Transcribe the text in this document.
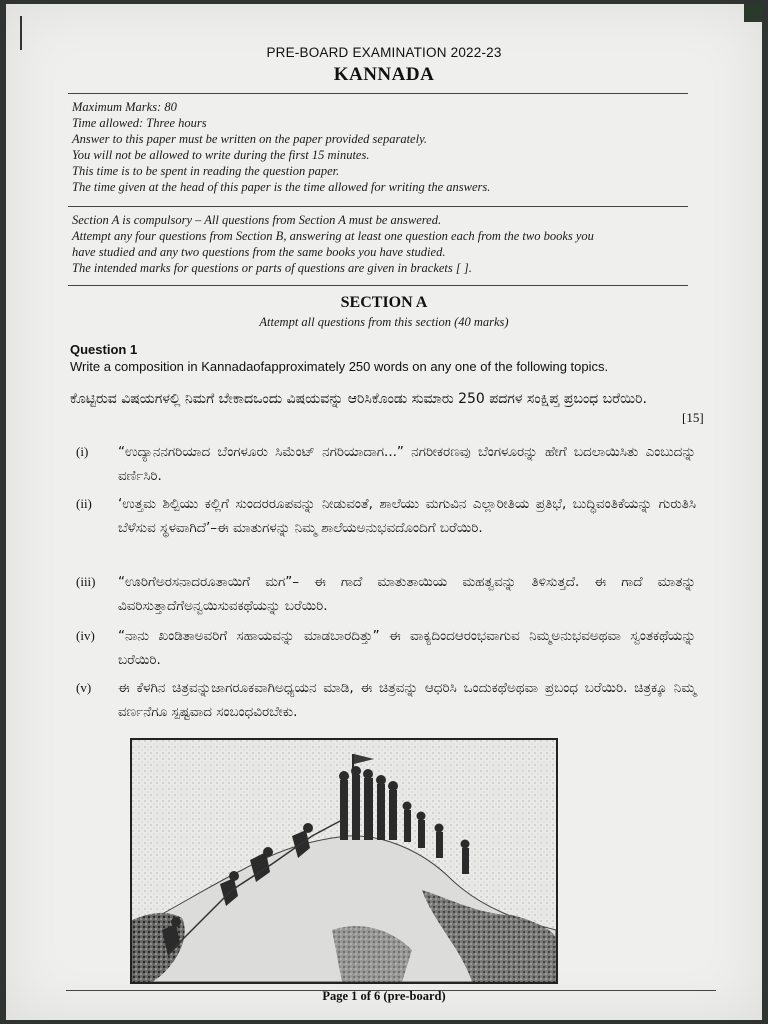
PRE-BOARD EXAMINATION 2022-23
KANNADA
Maximum Marks: 80
Time allowed: Three hours
Answer to this paper must be written on the paper provided separately.
You will not be allowed to write during the first 15 minutes.
This time is to be spent in reading the question paper.
The time given at the head of this paper is the time allowed for writing the answers.
Section A is compulsory – All questions from Section A must be answered.
Attempt any four questions from Section B, answering at least one question each from the two books you
have studied and any two questions from the same books you have studied.
The intended marks for questions or parts of questions are given in brackets [ ].
SECTION A
Attempt all questions from this section (40 marks)
Question 1
Write a composition in Kannadaofapproximately 250 words on any one of the following topics.
ಕೊಟ್ಟಿರುವ ವಿಷಯಗಳಲ್ಲಿ ನಿಮಗೆ ಬೇಕಾದಒಂದು ವಿಷಯವನ್ನು ಆರಿಸಿಕೊಂಡು ಸುಮಾರು 250 ಪದಗಳ ಸಂಕ್ಷಿಪ್ತ ಪ್ರಬಂಧ ಬರೆಯಿರಿ.
[15]
(i) “ಉದ್ಯಾನನಗರಿಯಾದ ಬೆಂಗಳೂರು ಸಿಮೆಂಟ್ ನಗರಿಯಾದಾಗ...” ನಗರೀಕರಣವು ಬೆಂಗಳೂರನ್ನು ಹೇಗೆ ಬದಲಾಯಿಸಿತು ಎಂಬುದನ್ನು ವರ್ಣಿಸಿರಿ.
(ii) ‘ಉತ್ತಮ ಶಿಲ್ಪಿಯು ಕಲ್ಲಿಗೆ ಸುಂದರರೂಪವನ್ನು ನೀಡುವಂತೆ, ಶಾಲೆಯು ಮಗುವಿನ ಎಲ್ಲಾರೀತಿಯ ಪ್ರತಿಭೆ, ಬುದ್ಧಿವಂತಿಕೆಯನ್ನು ಗುರುತಿಸಿ ಬೆಳೆಸುವ ಸ್ಥಳವಾಗಿದೆ’–ಈ ಮಾತುಗಳನ್ನು ನಿಮ್ಮ ಶಾಲೆಯಅನುಭವದೊಂದಿಗೆ ಬರೆಯಿರಿ.
(iii) “ಊರಿಗೆಅರಸನಾದರೂತಾಯಿಗೆ ಮಗ”– ಈ ಗಾದೆ ಮಾತುತಾಯಿಯ ಮಹತ್ವವನ್ನು ತಿಳಿಸುತ್ತದೆ. ಈ ಗಾದೆ ಮಾತನ್ನು ವಿವರಿಸುತ್ತಾದೆಗೆಅನ್ವಯಿಸುವಕಥೆಯನ್ನು ಬರೆಯಿರಿ.
(iv) “ನಾನು ಖಂಡಿತಾಅವರಿಗೆ ಸಹಾಯವನ್ನು ಮಾಡಬಾರದಿತ್ತು” ಈ ವಾಕ್ಯದಿಂದಆರಂಭವಾಗುವ ನಿಮ್ಮಅನುಭವಅಥವಾ ಸ್ವಂತಕಥೆಯನ್ನು ಬರೆಯಿರಿ.
(v) ಈ ಕೆಳಗಿನ ಚಿತ್ರವನ್ನುಜಾಗರೂಕವಾಗಿಅಧ್ಯಯನ ಮಾಡಿ, ಈ ಚಿತ್ರವನ್ನು ಆಧರಿಸಿ ಒಂದುಕಥೆಅಥವಾ ಪ್ರಬಂಧ ಬರೆಯಿರಿ. ಚಿತ್ರಕ್ಕೂ ನಿಮ್ಮ ವರ್ಣನೆಗೂ ಸ್ಪಷ್ಟವಾದ ಸಂಬಂಧವಿರಬೇಕು.
Page 1 of 6 (pre-board)
